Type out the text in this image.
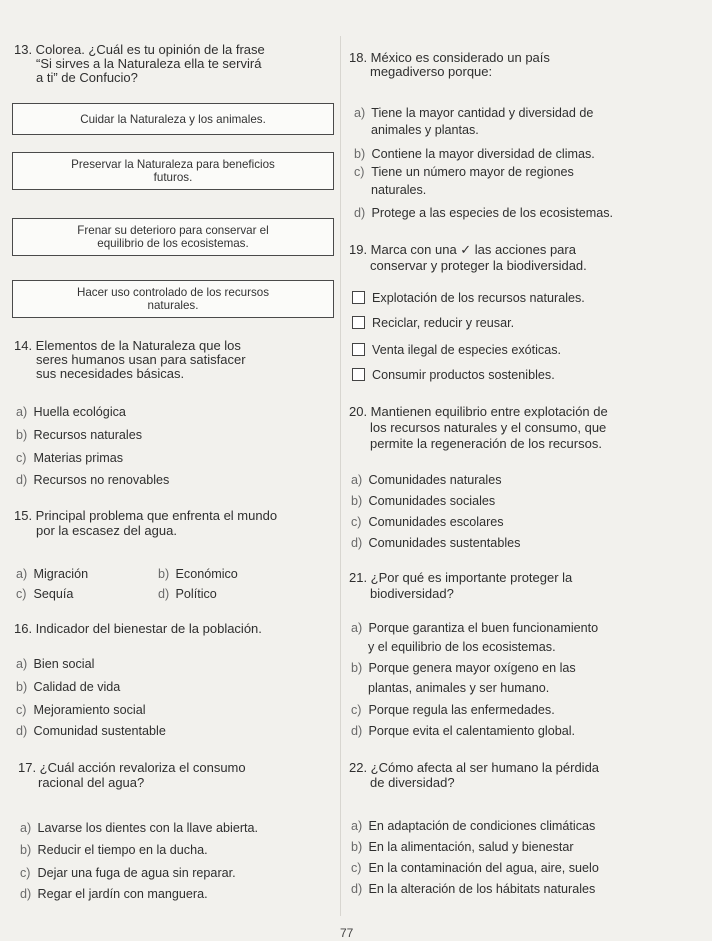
13. Colorea. ¿Cuál es tu opinión de la frase
“Si sirves a la Naturaleza ella te servirá
a ti” de Confucio?
Cuidar la Naturaleza y los animales.
Preservar la Naturaleza para beneficios
futuros.
Frenar su deterioro para conservar el
equilibrio de los ecosistemas.
Hacer uso controlado de los recursos
naturales.
14. Elementos de la Naturaleza que los
seres humanos usan para satisfacer
sus necesidades básicas.
a) Huella ecológica
b) Recursos naturales
c) Materias primas
d) Recursos no renovables
15. Principal problema que enfrenta el mundo
por la escasez del agua.
a) Migración	b) Económico
c) Sequía	d) Político
16. Indicador del bienestar de la población.
a) Bien social
b) Calidad de vida
c) Mejoramiento social
d) Comunidad sustentable
17. ¿Cuál acción revaloriza el consumo
racional del agua?
a) Lavarse los dientes con la llave abierta.
b) Reducir el tiempo en la ducha.
c) Dejar una fuga de agua sin reparar.
d) Regar el jardín con manguera.
18. México es considerado un país
megadiverso porque:
a) Tiene la mayor cantidad y diversidad de
animales y plantas.
b) Contiene la mayor diversidad de climas.
c) Tiene un número mayor de regiones
naturales.
d) Protege a las especies de los ecosistemas.
19. Marca con una ✓ las acciones para
conservar y proteger la biodiversidad.
Explotación de los recursos naturales.
Reciclar, reducir y reusar.
Venta ilegal de especies exóticas.
Consumir productos sostenibles.
20. Mantienen equilibrio entre explotación de
los recursos naturales y el consumo, que
permite la regeneración de los recursos.
a) Comunidades naturales
b) Comunidades sociales
c) Comunidades escolares
d) Comunidades sustentables
21. ¿Por qué es importante proteger la
biodiversidad?
a) Porque garantiza el buen funcionamiento
y el equilibrio de los ecosistemas.
b) Porque genera mayor oxígeno en las
plantas, animales y ser humano.
c) Porque regula las enfermedades.
d) Porque evita el calentamiento global.
22. ¿Cómo afecta al ser humano la pérdida
de diversidad?
a) En adaptación de condiciones climáticas
b) En la alimentación, salud y bienestar
c) En la contaminación del agua, aire, suelo
d) En la alteración de los hábitats naturales
77
